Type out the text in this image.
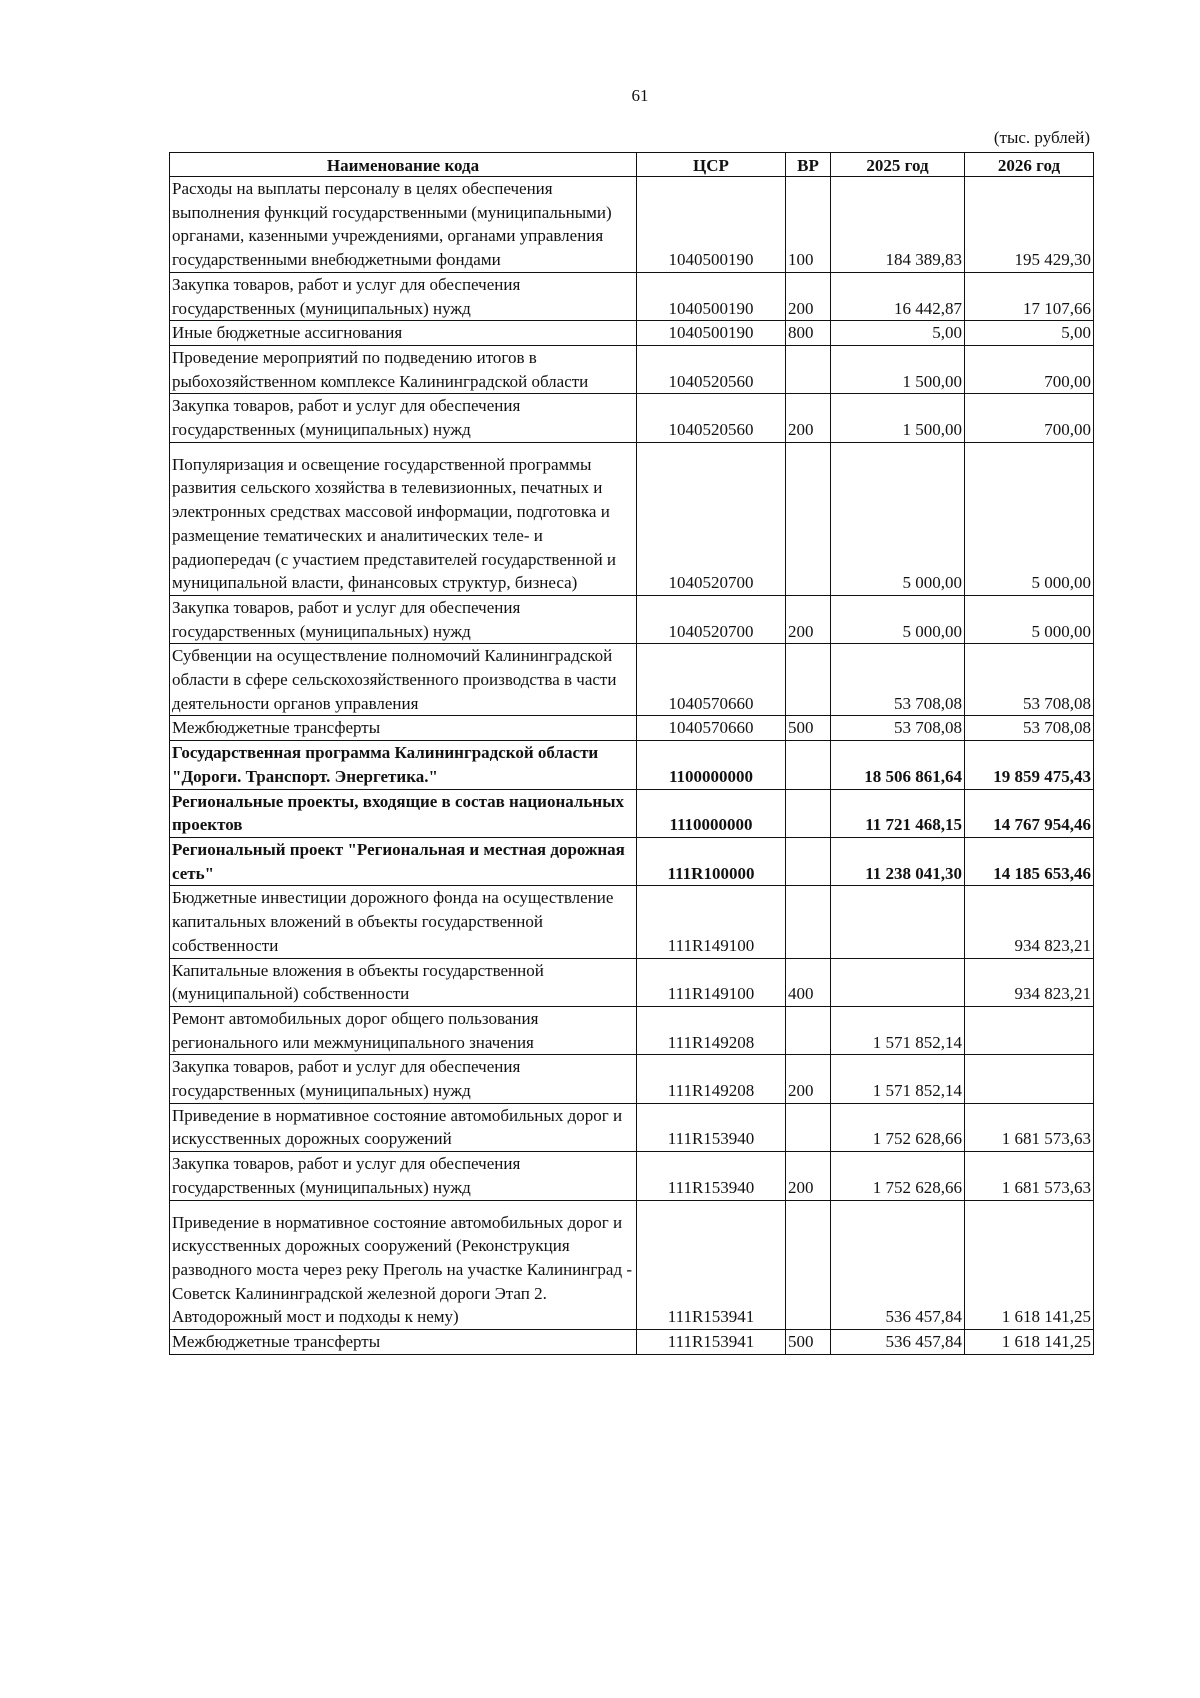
61
(тыс. рублей)
Наименование кода	ЦСР	ВР	2025 год	2026 год
Расходы на выплаты персоналу в целях обеспечения выполнения функций государственными (муниципальными) органами, казенными учреждениями, органами управления государственными внебюджетными фондами	1040500190	100	184 389,83	195 429,30
Закупка товаров, работ и услуг для обеспечения государственных (муниципальных) нужд	1040500190	200	16 442,87	17 107,66
Иные бюджетные ассигнования	1040500190	800	5,00	5,00
Проведение мероприятий по подведению итогов в рыбохозяйственном комплексе Калининградской области	1040520560		1 500,00	700,00
Закупка товаров, работ и услуг для обеспечения государственных (муниципальных) нужд	1040520560	200	1 500,00	700,00
Популяризация и освещение государственной программы развития сельского хозяйства в телевизионных, печатных и электронных средствах массовой информации, подготовка и размещение тематических и аналитических теле- и радиопередач (с участием представителей государственной и муниципальной власти, финансовых структур, бизнеса)	1040520700		5 000,00	5 000,00
Закупка товаров, работ и услуг для обеспечения государственных (муниципальных) нужд	1040520700	200	5 000,00	5 000,00
Субвенции на осуществление полномочий Калининградской области в сфере сельскохозяйственного производства в части деятельности органов управления	1040570660		53 708,08	53 708,08
Межбюджетные трансферты	1040570660	500	53 708,08	53 708,08
Государственная программа Калининградской области "Дороги. Транспорт. Энергетика."	1100000000		18 506 861,64	19 859 475,43
Региональные проекты, входящие в состав национальных проектов	1110000000		11 721 468,15	14 767 954,46
Региональный проект "Региональная и местная дорожная сеть"	111R100000		11 238 041,30	14 185 653,46
Бюджетные инвестиции дорожного фонда на осуществление капитальных вложений в объекты государственной собственности	111R149100			934 823,21
Капитальные вложения в объекты государственной (муниципальной) собственности	111R149100	400		934 823,21
Ремонт автомобильных дорог общего пользования регионального или межмуниципального значения	111R149208		1 571 852,14	
Закупка товаров, работ и услуг для обеспечения государственных (муниципальных) нужд	111R149208	200	1 571 852,14	
Приведение в нормативное состояние автомобильных дорог и искусственных дорожных сооружений	111R153940		1 752 628,66	1 681 573,63
Закупка товаров, работ и услуг для обеспечения государственных (муниципальных) нужд	111R153940	200	1 752 628,66	1 681 573,63
Приведение в нормативное состояние автомобильных дорог и искусственных дорожных сооружений (Реконструкция разводного моста через реку Преголь на участке Калининград - Советск Калининградской железной дороги Этап 2. Автодорожный мост и подходы к нему)	111R153941		536 457,84	1 618 141,25
Межбюджетные трансферты	111R153941	500	536 457,84	1 618 141,25
